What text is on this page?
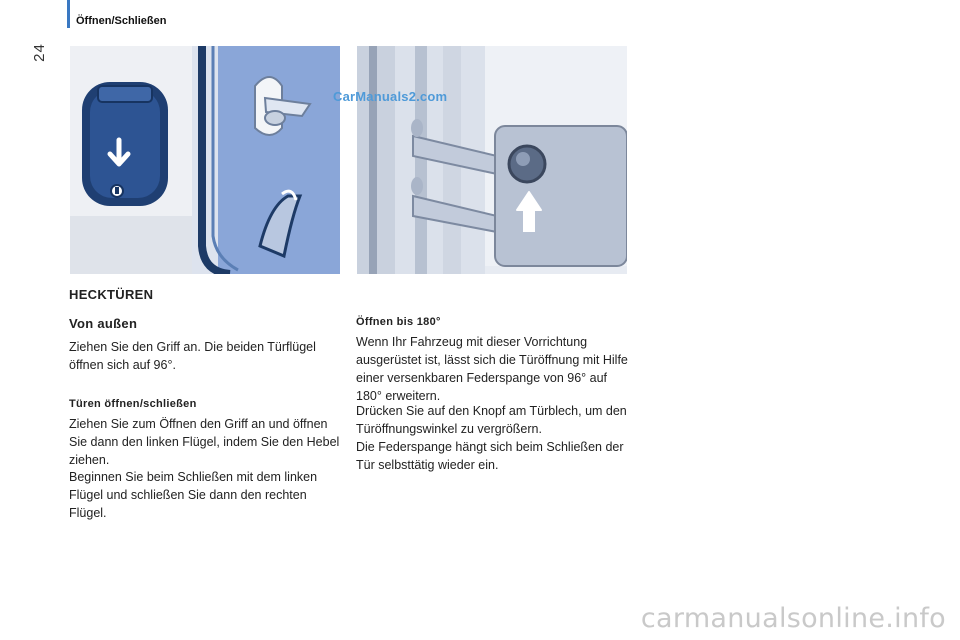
24
Öffnen/Schließen
CarManuals2.com
HECKTÜREN
Von außen
Ziehen Sie den Griff an. Die beiden Türflügel öffnen sich auf 96°.
Türen öffnen/schließen
Ziehen Sie zum Öffnen den Griff an und öffnen Sie dann den linken Flügel, indem Sie den Hebel ziehen.
Beginnen Sie beim Schließen mit dem linken Flügel und schließen Sie dann den rechten Flügel.
Öffnen bis 180°
Wenn Ihr Fahrzeug mit dieser Vorrichtung ausgerüstet ist, lässt sich die Türöffnung mit Hilfe einer versenkbaren Federspange von 96° auf 180° erweitern.
Drücken Sie auf den Knopf am Türblech, um den Türöffnungswinkel zu vergrößern.
Die Federspange hängt sich beim Schließen der Tür selbsttätig wieder ein.
carmanualsonline.info
